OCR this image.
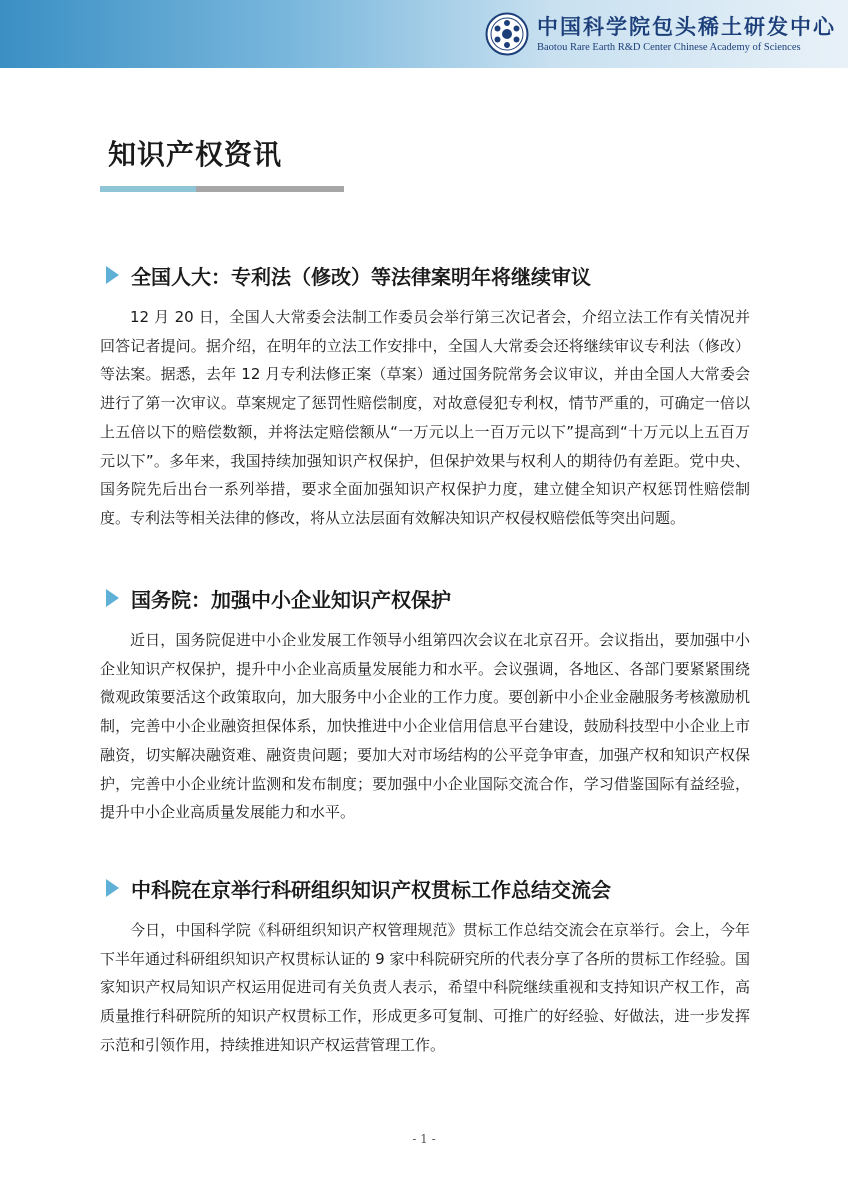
中国科学院包头稀土研发中心
Baotou Rare Earth R&D Center Chinese Academy of Sciences
知识产权资讯
全国人大：专利法（修改）等法律案明年将继续审议

12 月 20 日，全国人大常委会法制工作委员会举行第三次记者会，介绍立法工作有关情况并回答记者提问。据介绍，在明年的立法工作安排中，全国人大常委会还将继续审议专利法（修改）等法案。据悉，去年 12 月专利法修正案（草案）通过国务院常务会议审议，并由全国人大常委会进行了第一次审议。草案规定了惩罚性赔偿制度，对故意侵犯专利权，情节严重的，可确定一倍以上五倍以下的赔偿数额，并将法定赔偿额从“一万元以上一百万元以下”提高到“十万元以上五百万元以下”。多年来，我国持续加强知识产权保护，但保护效果与权利人的期待仍有差距。党中央、国务院先后出台一系列举措，要求全面加强知识产权保护力度，建立健全知识产权惩罚性赔偿制度。专利法等相关法律的修改，将从立法层面有效解决知识产权侵权赔偿低等突出问题。

国务院：加强中小企业知识产权保护

近日，国务院促进中小企业发展工作领导小组第四次会议在北京召开。会议指出，要加强中小企业知识产权保护，提升中小企业高质量发展能力和水平。会议强调，各地区、各部门要紧紧围绕微观政策要活这个政策取向，加大服务中小企业的工作力度。要创新中小企业金融服务考核激励机制，完善中小企业融资担保体系，加快推进中小企业信用信息平台建设，鼓励科技型中小企业上市融资，切实解决融资难、融资贵问题；要加大对市场结构的公平竞争审查，加强产权和知识产权保护，完善中小企业统计监测和发布制度；要加强中小企业国际交流合作，学习借鉴国际有益经验，提升中小企业高质量发展能力和水平。

中科院在京举行科研组织知识产权贯标工作总结交流会

今日，中国科学院《科研组织知识产权管理规范》贯标工作总结交流会在京举行。会上，今年下半年通过科研组织知识产权贯标认证的 9 家中科院研究所的代表分享了各所的贯标工作经验。国家知识产权局知识产权运用促进司有关负责人表示，希望中科院继续重视和支持知识产权工作，高质量推行科研院所的知识产权贯标工作，形成更多可复制、可推广的好经验、好做法，进一步发挥示范和引领作用，持续推进知识产权运营管理工作。

- 1 -
